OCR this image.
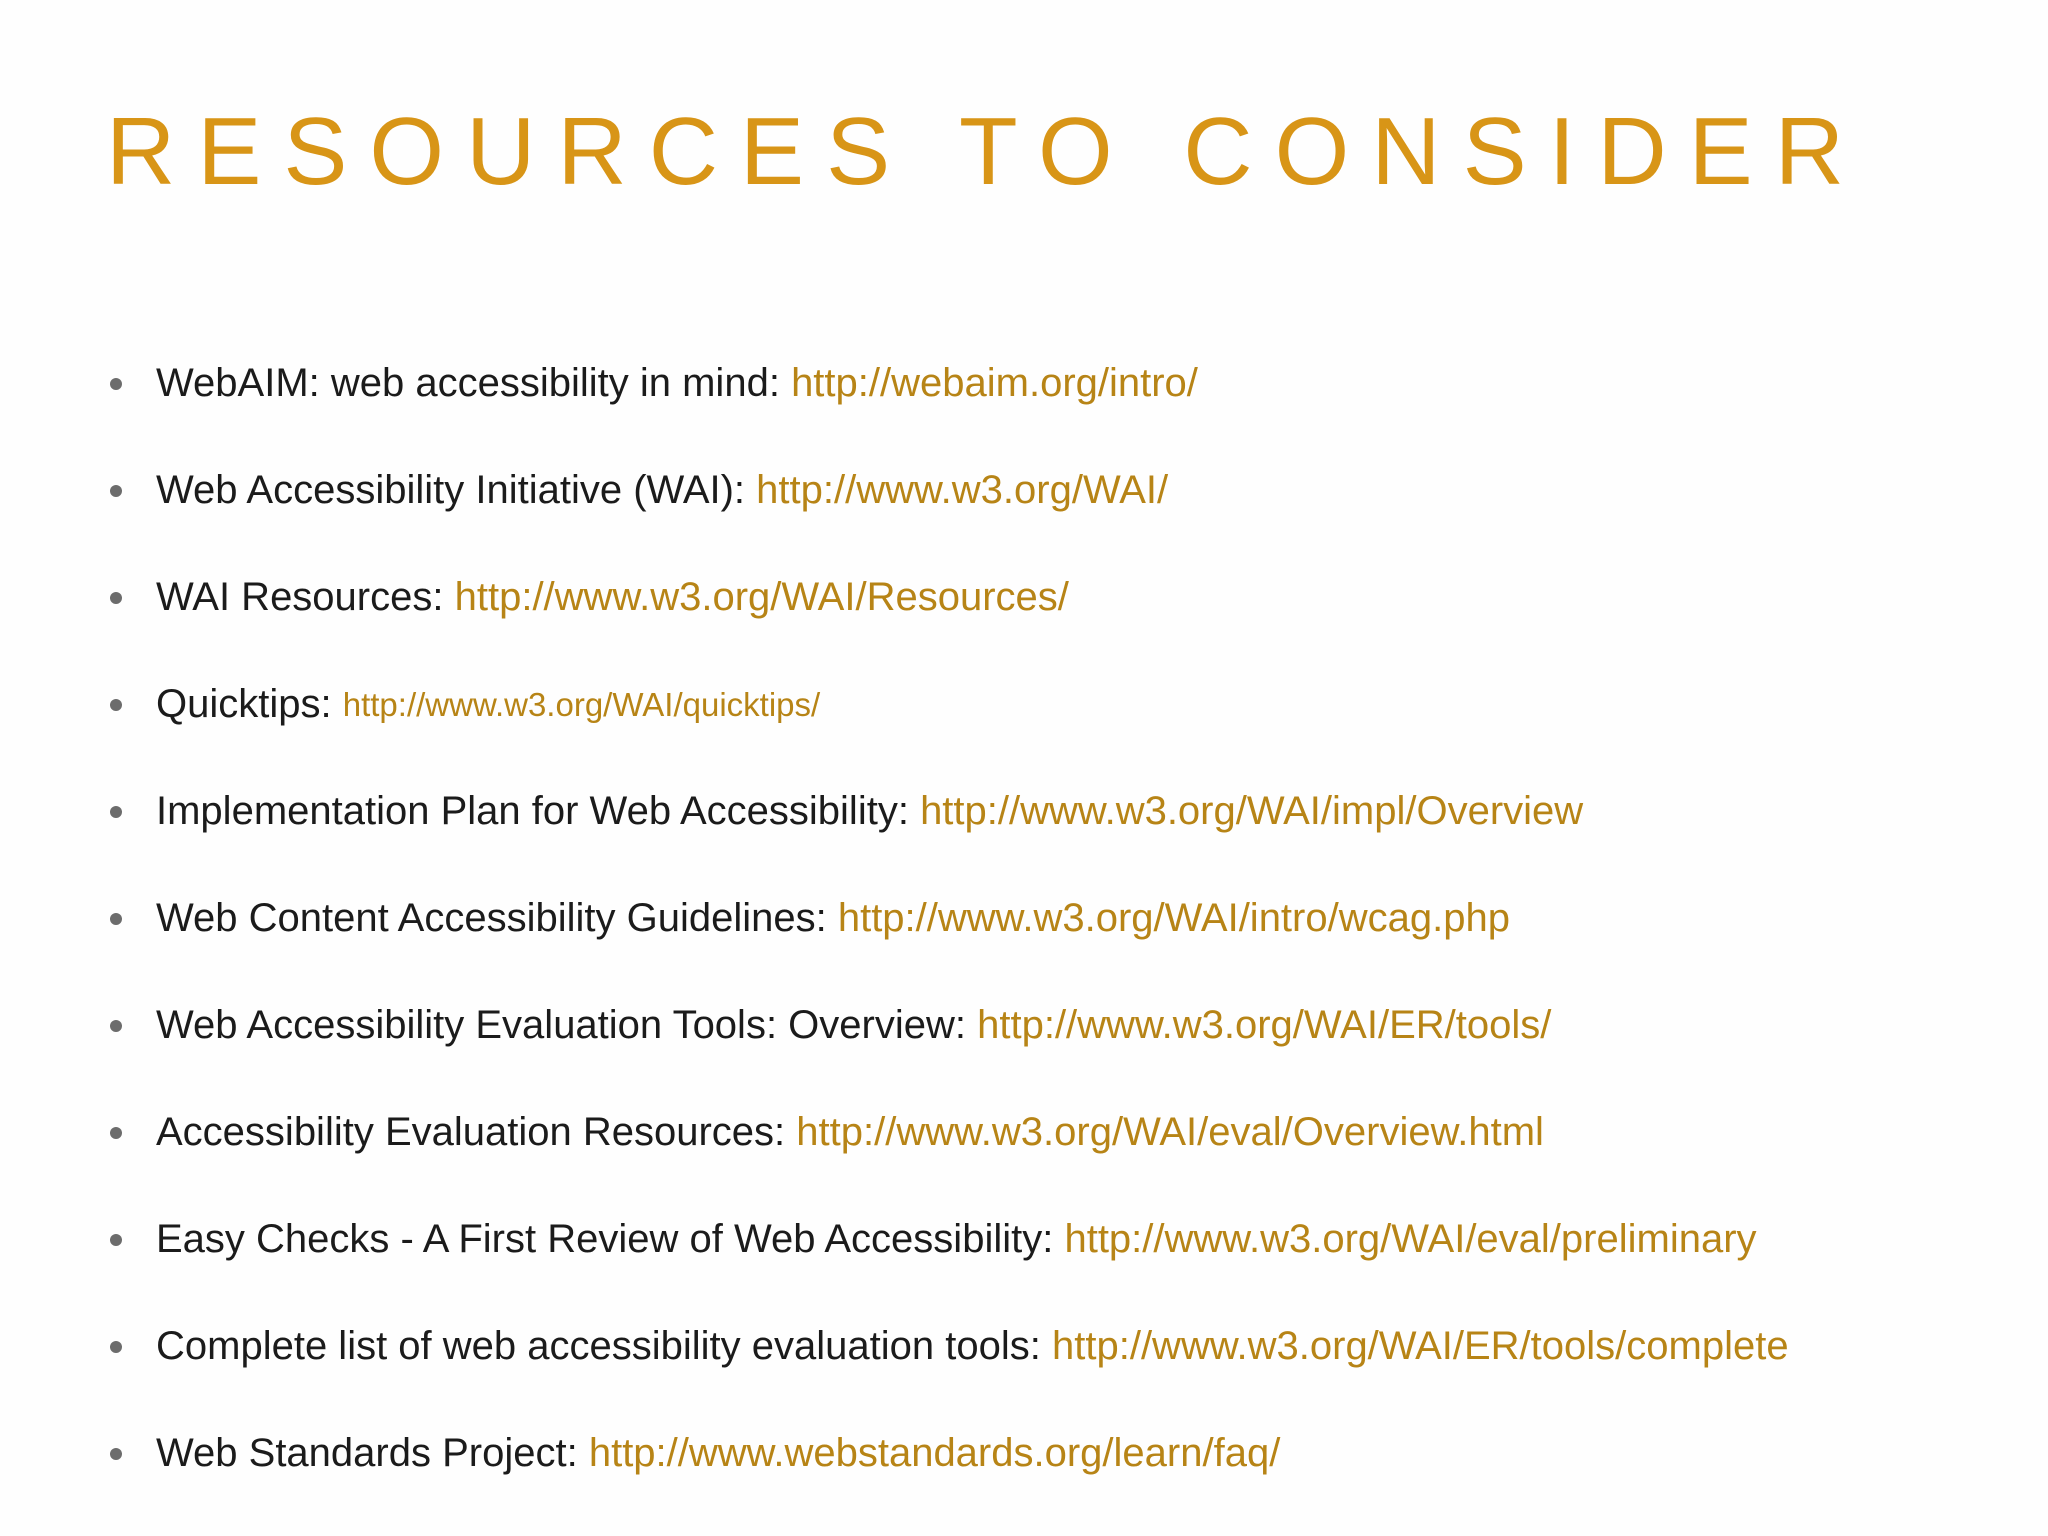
RESOURCES TO CONSIDER
WebAIM: web accessibility in mind:
http://webaim.org/intro/
Web Accessibility Initiative (WAI):
http://www.w3.org/WAI/
WAI Resources:
http://www.w3.org/WAI/Resources/
Quicktips:
http://www.w3.org/WAI/quicktips/
Implementation Plan for Web Accessibility:
http://www.w3.org/WAI/impl/Overview
Web Content Accessibility Guidelines:
http://www.w3.org/WAI/intro/wcag.php
Web Accessibility Evaluation Tools: Overview:
http://www.w3.org/WAI/ER/tools/
Accessibility Evaluation Resources:
http://www.w3.org/WAI/eval/Overview.html
Easy Checks - A First Review of Web Accessibility:
http://www.w3.org/WAI/eval/preliminary
Complete list of web accessibility evaluation tools:
http://www.w3.org/WAI/ER/tools/complete
Web Standards Project:
http://www.webstandards.org/learn/faq/
